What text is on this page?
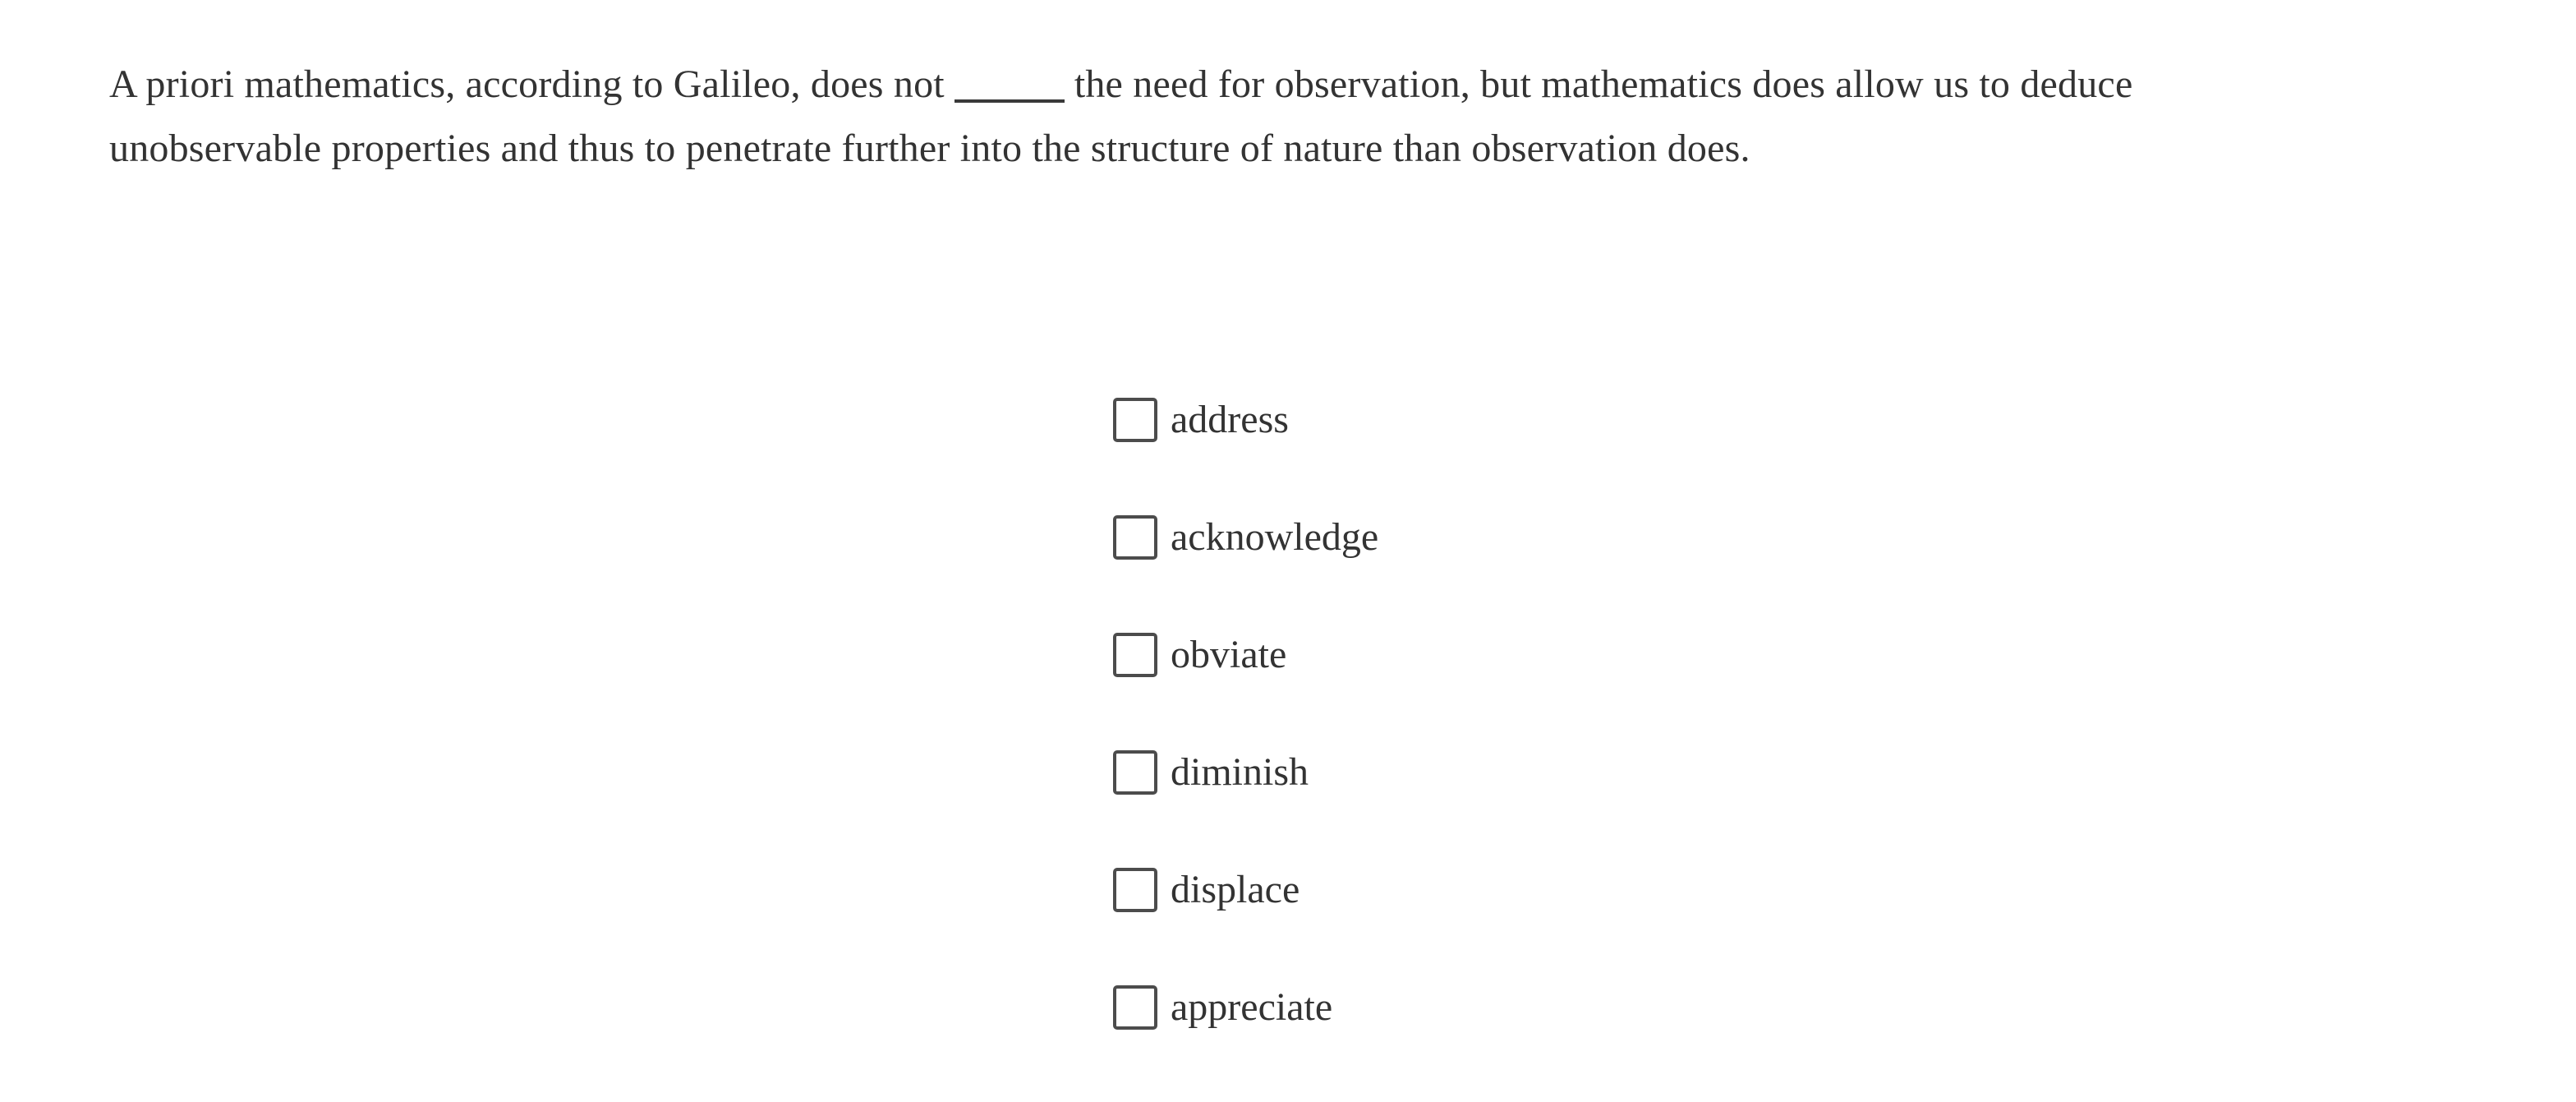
A priori mathematics, according to Galileo, does not	the need for observation, but mathematics does allow us to deduce
unobservable properties and thus to penetrate further into the structure of nature than observation does.
address
acknowledge
obviate
diminish
displace
appreciate
